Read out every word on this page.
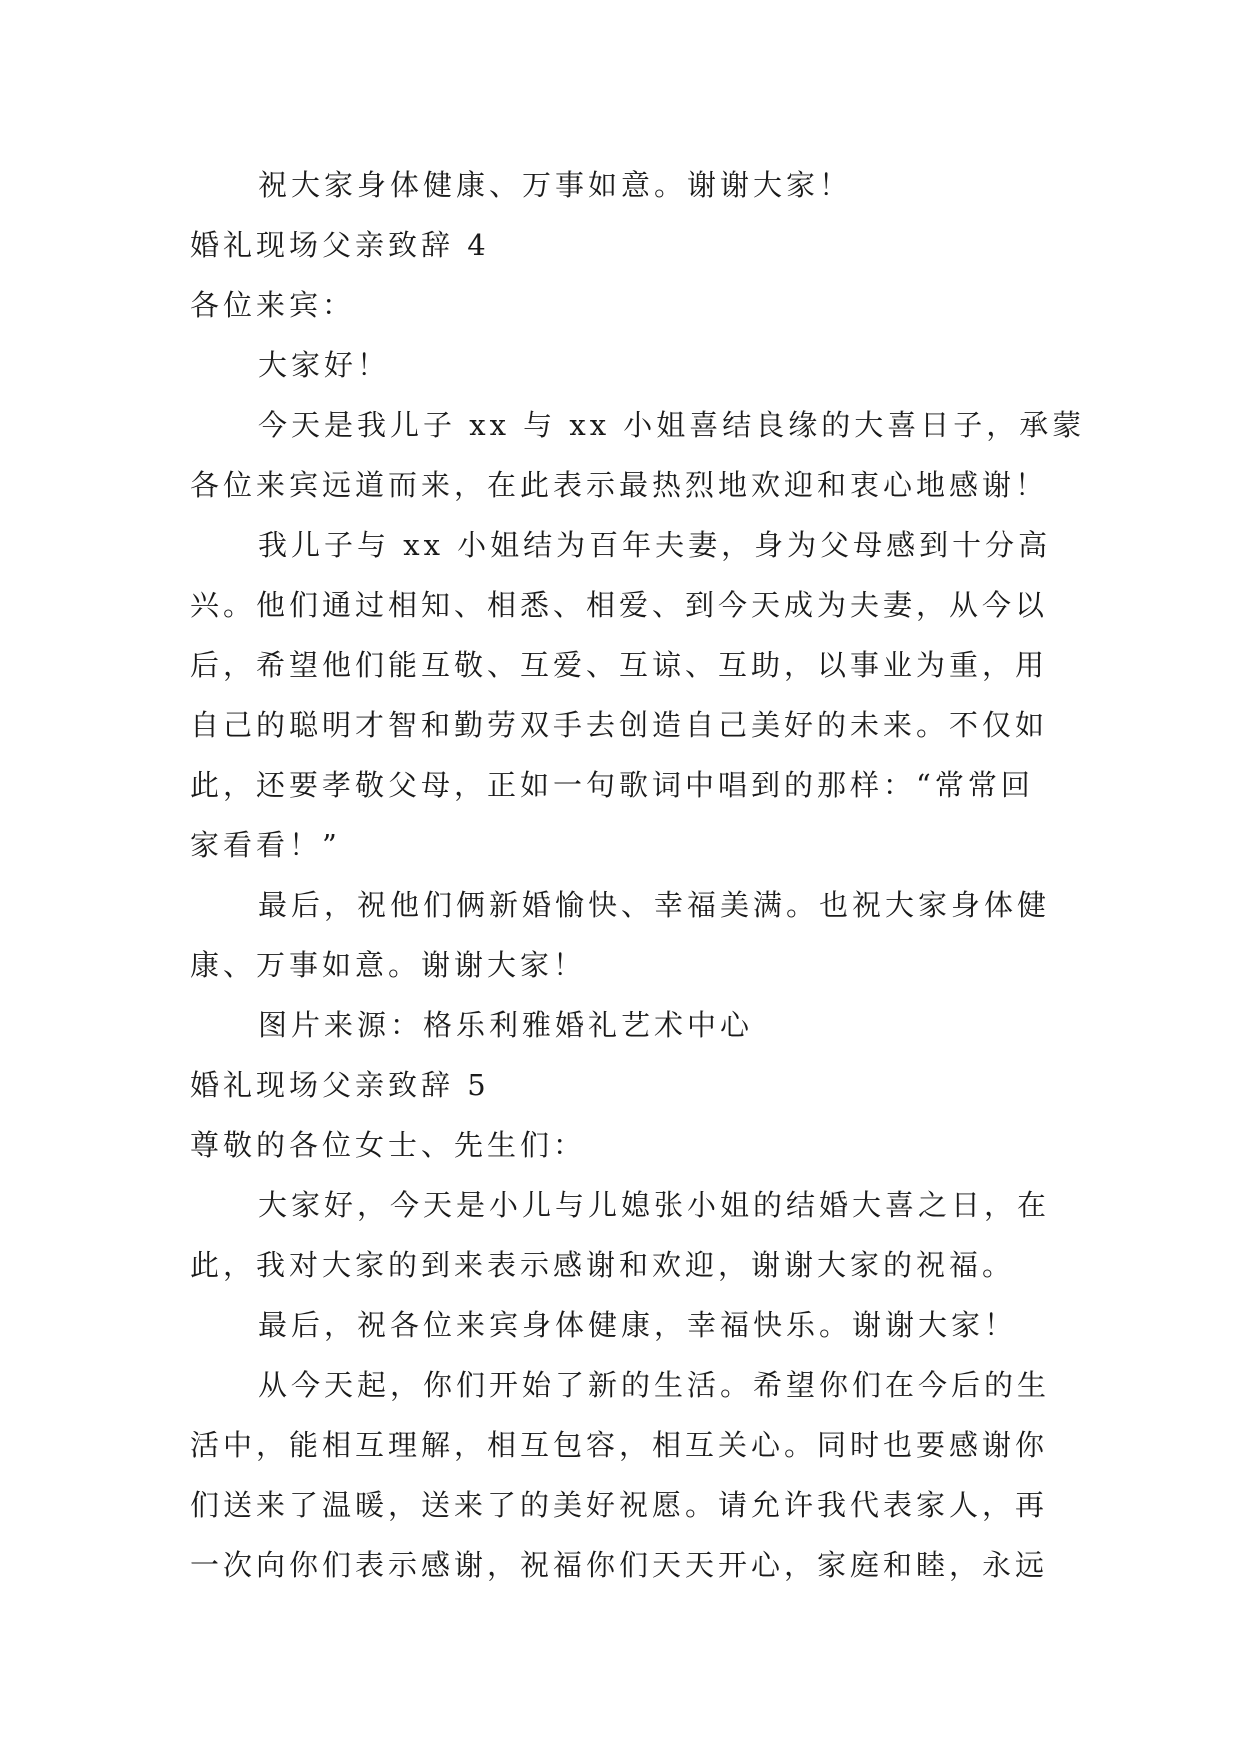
祝大家身体健康、万事如意。谢谢大家！
婚礼现场父亲致辞 4
各位来宾：
大家好！
今天是我儿子 xx 与 xx 小姐喜结良缘的大喜日子，承蒙
各位来宾远道而来，在此表示最热烈地欢迎和衷心地感谢！
我儿子与 xx 小姐结为百年夫妻，身为父母感到十分高
兴。他们通过相知、相悉、相爱、到今天成为夫妻，从今以
后，希望他们能互敬、互爱、互谅、互助，以事业为重，用
自己的聪明才智和勤劳双手去创造自己美好的未来。不仅如
此，还要孝敬父母，正如一句歌词中唱到的那样：“常常回
家看看！”
最后，祝他们俩新婚愉快、幸福美满。也祝大家身体健
康、万事如意。谢谢大家！
图片来源：格乐利雅婚礼艺术中心
婚礼现场父亲致辞 5
尊敬的各位女士、先生们：
大家好，今天是小儿与儿媳张小姐的结婚大喜之日，在
此，我对大家的到来表示感谢和欢迎，谢谢大家的祝福。
最后，祝各位来宾身体健康，幸福快乐。谢谢大家！
从今天起，你们开始了新的生活。希望你们在今后的生
活中，能相互理解，相互包容，相互关心。同时也要感谢你
们送来了温暖，送来了的美好祝愿。请允许我代表家人，再
一次向你们表示感谢，祝福你们天天开心，家庭和睦，永远
